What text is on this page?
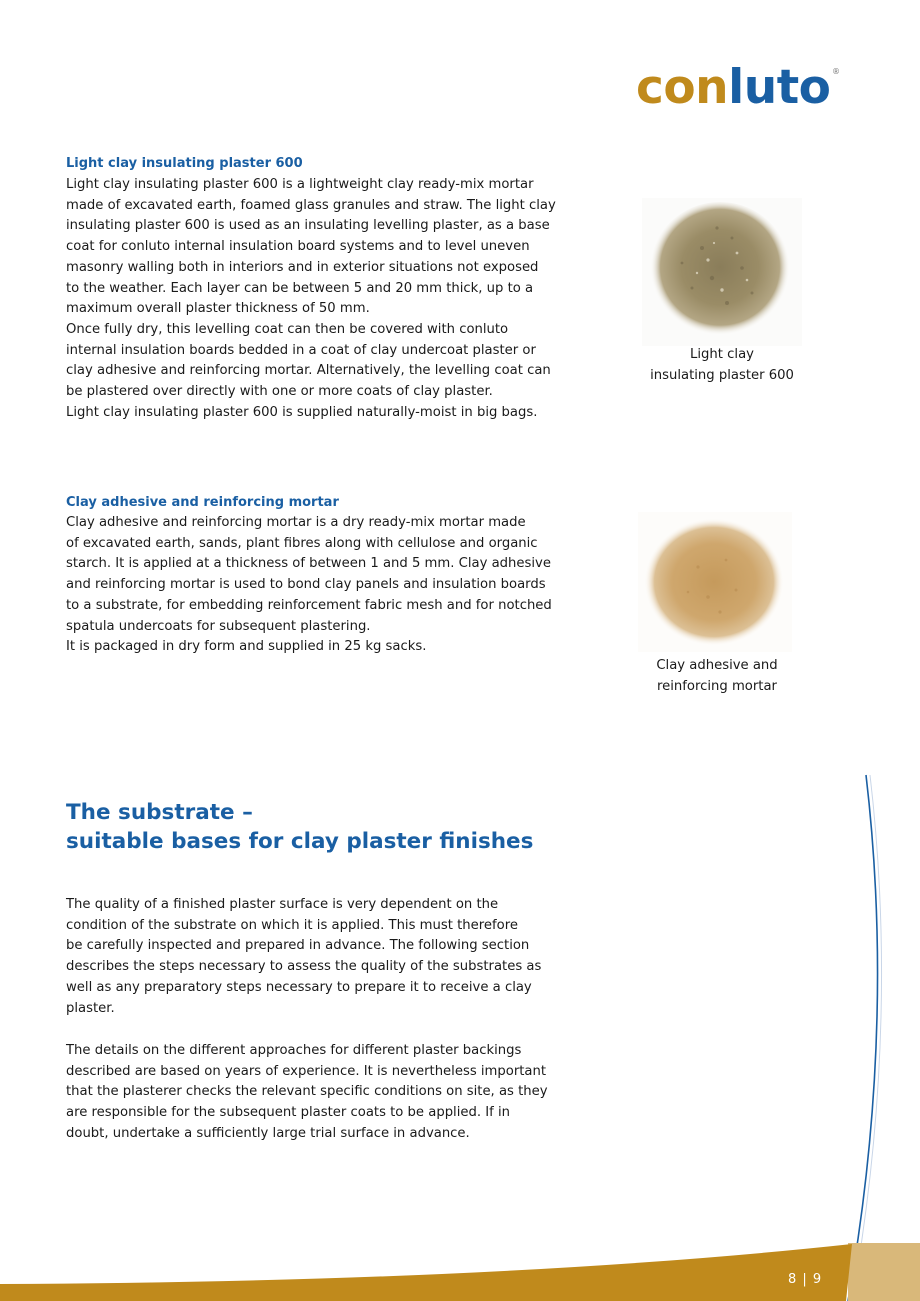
conluto ®
Light clay insulating plaster 600
Light clay insulating plaster 600 is a lightweight clay ready-mix mortar
made of excavated earth, foamed glass granules and straw. The light clay
insulating plaster 600 is used as an insulating levelling plaster, as a base
coat for conluto internal insulation board systems and to level uneven
masonry walling both in interiors and in exterior situations not exposed
to the weather. Each layer can be between 5 and 20 mm thick, up to a
maximum overall plaster thickness of 50 mm.
Once fully dry, this levelling coat can then be covered with conluto
internal insulation boards bedded in a coat of clay undercoat plaster or
clay adhesive and reinforcing mortar. Alternatively, the levelling coat can
be plastered over directly with one or more coats of clay plaster.
Light clay insulating plaster 600 is supplied naturally-moist in big bags.
Light clay
insulating plaster 600
Clay adhesive and reinforcing mortar
Clay adhesive and reinforcing mortar is a dry ready-mix mortar made
of excavated earth, sands, plant fibres along with cellulose and organic
starch. It is applied at a thickness of between 1 and 5 mm. Clay adhesive
and reinforcing mortar is used to bond clay panels and insulation boards
to a substrate, for embedding reinforcement fabric mesh and for notched
spatula undercoats for subsequent plastering.
It is packaged in dry form and supplied in 25 kg sacks.
Clay adhesive and
reinforcing mortar
The substrate –
suitable bases for clay plaster finishes
The quality of a finished plaster surface is very dependent on the
condition of the substrate on which it is applied. This must therefore
be carefully inspected and prepared in advance. The following section
describes the steps necessary to assess the quality of the substrates as
well as any preparatory steps necessary to prepare it to receive a clay
plaster.
The details on the different approaches for different plaster backings
described are based on years of experience. It is nevertheless important
that the plasterer checks the relevant specific conditions on site, as they
are responsible for the subsequent plaster coats to be applied. If in
doubt, undertake a sufficiently large trial surface in advance.
8 | 9
